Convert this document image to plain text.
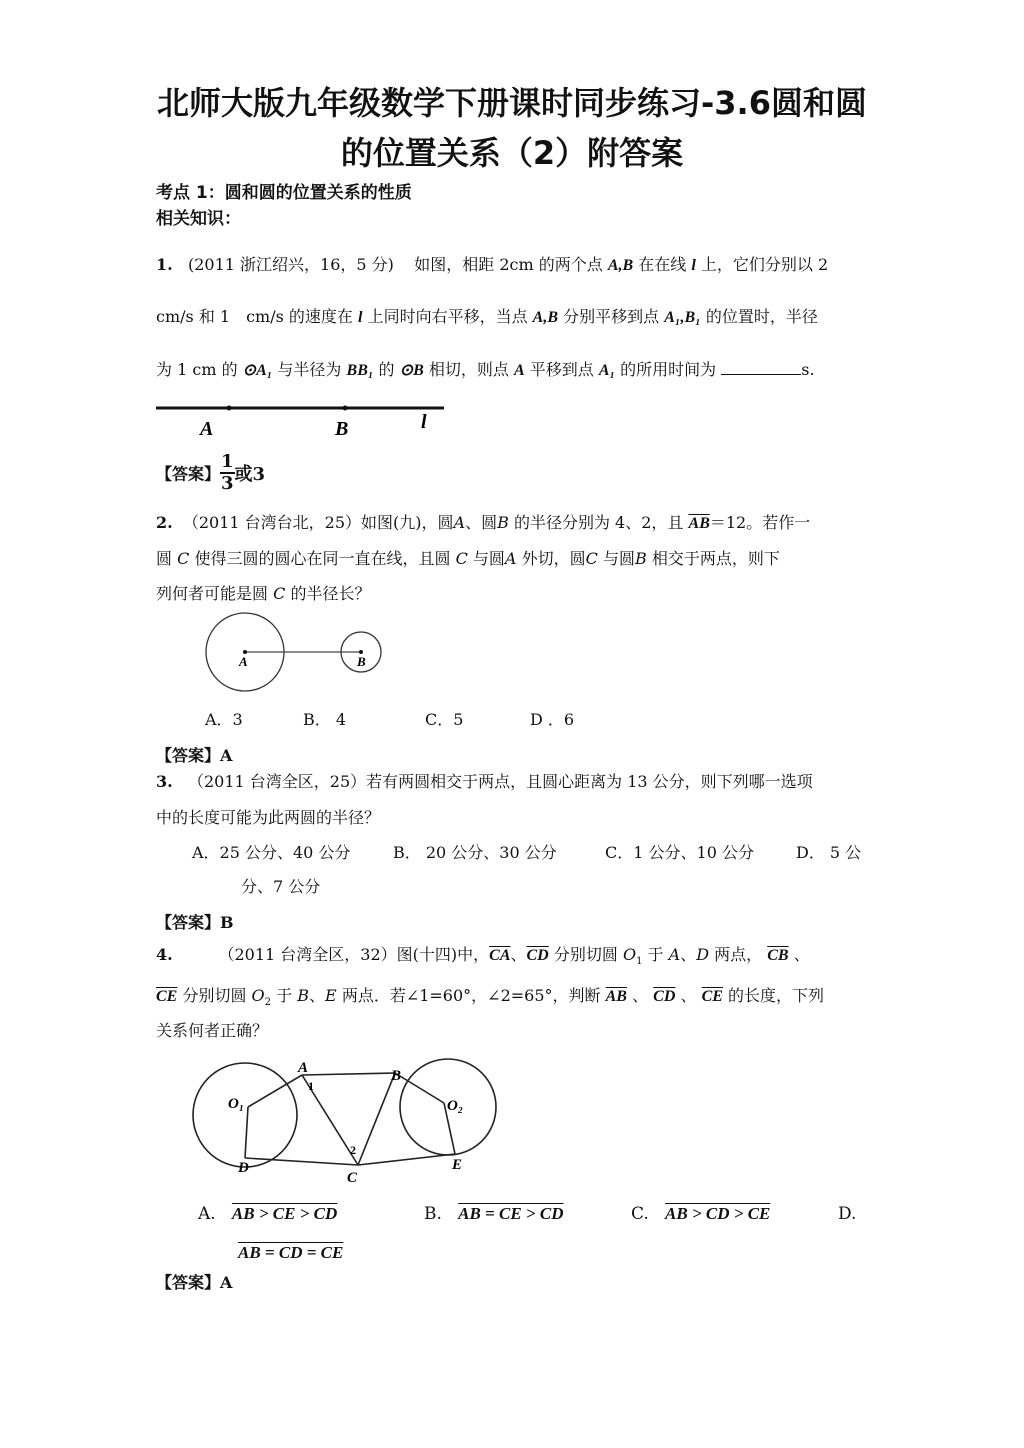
北师大版九年级数学下册课时同步练习-3.6圆和圆
的位置关系（2）附答案
考点 1：圆和圆的位置关系的性质
相关知识：
1. (2011 浙江绍兴，16，5 分) 如图，相距 2cm 的两个点 A,B 在在线 l 上，它们分别以 2
cm/s 和 1　cm/s 的速度在 l 上同时向右平移，当点 A,B 分别平移到点 A₁,B₁ 的位置时，半径
为 1 cm 的 ⊙A₁ 与半径为 BB₁ 的 ⊙B 相切，则点 A 平移到点 A₁ 的所用时间为	s.
A	B	l
【答案】 $\frac{1}{3}$ 或3
2. （2011 台湾台北，25）如图(九)，圆A、圆B 的半径分别为 4、2，且 $\overline{AB}=12$。若作一
圆 C 使得三圆的圆心在同一直在线，且圆 C 与圆A 外切，圆C 与圆B 相交于两点，则下
列何者可能是圆 C 的半径长？
A	B
A．3	B． 4	C．5	D ．6
【答案】A
3. （2011 台湾全区，25）若有两圆相交于两点，且圆心距离为 13 公分，则下列哪一选项
中的长度可能为此两圆的半径？
A．25 公分、40 公分	B． 20 公分、30 公分	C．1 公分、10 公分	D． 5 公
分、7 公分
【答案】B
4.	（2011 台湾全区，32）图(十四)中，$\overline{CA}$、$\overline{CD}$ 分别切圆 $O_1$ 于 A、D 两点， $\overline{CB}$ 、
$\overline{CE}$ 分别切圆 $O_2$ 于 B、E 两点．若∠1=60°，∠2=65°，判断 $\overline{AB}$ 、 $\overline{CD}$ 、 $\overline{CE}$ 的长度，下列
关系何者正确？
O₁	O₂
A	B
C
D	E
1
2
A. AB > CE > CD	B. AB = CE > CD	C. AB > CD > CE	D.
AB = CD = CE
【答案】A
